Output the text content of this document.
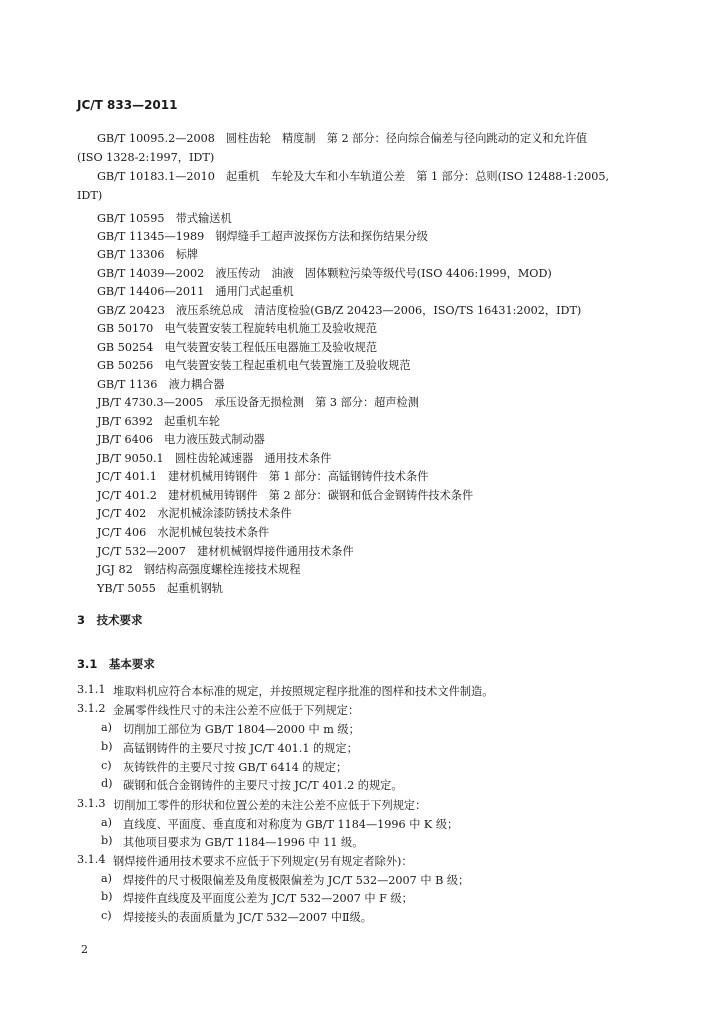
JC/T 833—2011
GB/T 10095.2—2008　圆柱齿轮　精度制　第 2 部分：径向综合偏差与径向跳动的定义和允许值
(ISO 1328-2:1997，IDT)
GB/T 10183.1—2010　起重机　车轮及大车和小车轨道公差　第 1 部分：总则(ISO 12488-1:2005,
IDT)
GB/T 10595　带式输送机
GB/T 11345—1989　钢焊缝手工超声波探伤方法和探伤结果分级
GB/T 13306　标牌
GB/T 14039—2002　液压传动　油液　固体颗粒污染等级代号(ISO 4406:1999，MOD)
GB/T 14406—2011　通用门式起重机
GB/Z 20423　液压系统总成　清洁度检验(GB/Z 20423—2006，ISO/TS 16431:2002，IDT)
GB 50170　电气装置安装工程旋转电机施工及验收规范
GB 50254　电气装置安装工程低压电器施工及验收规范
GB 50256　电气装置安装工程起重机电气装置施工及验收规范
GB/T 1136　液力耦合器
JB/T 4730.3—2005　承压设备无损检测　第 3 部分：超声检测
JB/T 6392　起重机车轮
JB/T 6406　电力液压鼓式制动器
JB/T 9050.1　圆柱齿轮减速器　通用技术条件
JC/T 401.1　建材机械用铸钢件　第 1 部分：高锰钢铸件技术条件
JC/T 401.2　建材机械用铸钢件　第 2 部分：碳钢和低合金钢铸件技术条件
JC/T 402　水泥机械涂漆防锈技术条件
JC/T 406　水泥机械包装技术条件
JC/T 532—2007　建材机械钢焊接件通用技术条件
JGJ 82　钢结构高强度螺栓连接技术规程
YB/T 5055　起重机钢轨
3　技术要求
3.1　基本要求
3.1.1 堆取料机应符合本标准的规定，并按照规定程序批准的图样和技术文件制造。
3.1.2 金属零件线性尺寸的未注公差不应低于下列规定：
a) 切削加工部位为 GB/T 1804—2000 中 m 级；
b) 高锰钢铸件的主要尺寸按 JC/T 401.1 的规定；
c) 灰铸铁件的主要尺寸按 GB/T 6414 的规定；
d) 碳钢和低合金钢铸件的主要尺寸按 JC/T 401.2 的规定。
3.1.3 切削加工零件的形状和位置公差的未注公差不应低于下列规定：
a) 直线度、平面度、垂直度和对称度为 GB/T 1184—1996 中 K 级；
b) 其他项目要求为 GB/T 1184—1996 中 11 级。
3.1.4 钢焊接件通用技术要求不应低于下列规定(另有规定者除外)：
a) 焊接件的尺寸极限偏差及角度极限偏差为 JC/T 532—2007 中 B 级；
b) 焊接件直线度及平面度公差为 JC/T 532—2007 中 F 级；
c) 焊接接头的表面质量为 JC/T 532—2007 中Ⅱ级。
2
